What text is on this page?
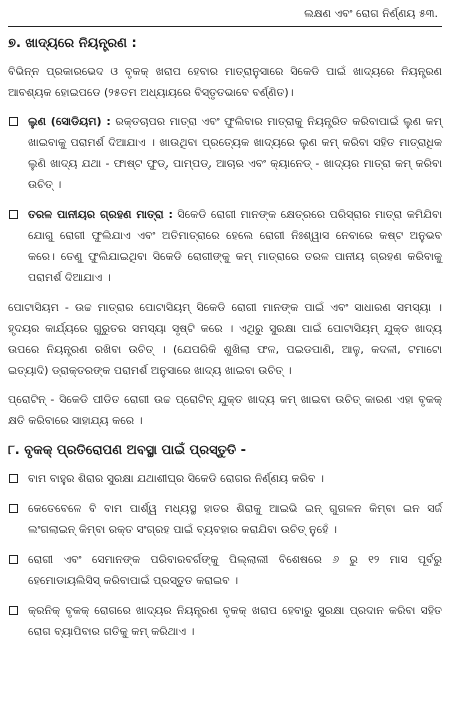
ଲକ୍ଷଣ ଏବଂ ରୋଗ ନିର୍ଣ୍ଣୟ ୫୩.
୭. ଖାଦ୍ୟରେ ନିୟନ୍ତ୍ରଣ :

ବିଭିନ୍ନ ପ୍ରକାରଭେଦ ଓ ବୃକକ୍ ଖରାପ ହେବାର ମାତ୍ରାନୁସାରେ ସିକେଡି ପାଇଁ ଖାଦ୍ୟରେ ନିୟନ୍ତ୍ରଣ ଆବଶ୍ୟକ ହୋଇପଡେ (୨୫ତମ ଅଧ୍ୟାୟରେ ବିସ୍ତୃତଭାବେ ବର୍ଣ୍ଣିତ)।

ଲୁଣ (ସୋଡିୟମ) : ରକ୍ତଚାପର ମାତ୍ରା ଏବଂ ଫୁଲିବାର ମାତ୍ରାକୁ ନିୟନ୍ତ୍ରିତ କରିବାପାଇଁ ଲୁଣ କମ୍ ଖାଇବାକୁ ପରାମର୍ଶ ଦିଆଯାଏ । ଖାଉଥିବା ପ୍ରତ୍ୟେକ ଖାଦ୍ୟରେ ଲୁଣ କମ୍ କରିବା ସହିତ ମାତ୍ରାଧିକ ଲୁଣି ଖାଦ୍ୟ ଯଥା - ଫାଷ୍ଟ ଫୁଡ୍, ପାମ୍ପଡ୍, ଆଚାର ଏବଂ କ୍ୟାନେଡ୍ - ଖାଦ୍ୟର ମାତ୍ରା କମ୍ କରିବା ଉଚିତ୍ ।
ତରଳ ପାନୀୟର ଗ୍ରହଣ ମାତ୍ରା : ସିକେଡି ରୋଗୀ ମାନଙ୍କ କ୍ଷେତ୍ରରେ ପରିସ୍ରାର ମାତ୍ରା କମିଯିବା ଯୋଗୁ ରୋଗୀ ଫୁଲିଯାଏ ଏବଂ ଅତିମାତ୍ରାରେ ହେଲେ ରୋଗୀ ନିଃଶ୍ୱାସ ନେବାରେ କଷ୍ଟ ଅନୁଭବ କରେ। ତେଣୁ ଫୁଲିଯାଇଥିବା ସିକେଡି ରୋଗୀଙ୍କୁ କମ୍ ମାତ୍ରାରେ ତରଳ ପାନୀୟ ଗ୍ରହଣ କରିବାକୁ ପରାମର୍ଶ ଦିଆଯାଏ ।

ପୋଟାସିୟମ - ଉଚ୍ଚ ମାତ୍ରାର ପୋଟାସିୟମ୍ ସିକେଡି ରୋଗୀ ମାନଙ୍କ ପାଇଁ ଏବଂ ସାଧାରଣ ସମସ୍ୟା । ହୃଦୟର କାର୍ଯ୍ୟରେ ଗୁରୁତର ସମସ୍ୟା ସୃଷ୍ଟି କରେ । ଏଥିରୁ ସୁରକ୍ଷା ପାଇଁ ପୋଟାସିୟମ୍ ଯୁକ୍ତ ଖାଦ୍ୟ ଉପରେ ନିୟନ୍ତ୍ରଣ ରଖିବା ଉଚିତ୍ । (ଯେପରିକି ଶୁଖିଲା ଫଳ, ପଇଡପାଣି, ଆଳୁ, କଦଳୀ, ଟମାଟୋ ଇତ୍ୟାଦି) ଡ୍ରାକ୍ତରଙ୍କ ପରାମର୍ଶ ଅନୁସାରେ ଖାଦ୍ୟ ଖାଇବା ଉଚିତ୍ ।

ପ୍ରୋଟିନ୍ - ସିକେଡି ପୀଡିତ ରୋଗୀ ଉଚ୍ଚ ପ୍ରୋଟିନ୍ ଯୁକ୍ତ ଖାଦ୍ୟ କମ୍ ଖାଇବା ଉଚିତ୍ କାରଣ ଏହା ବୃକକ୍ କ୍ଷତି କରିବାରେ ସାହାଯ୍ୟ କରେ ।

୮. ବୃକକ୍ ପ୍ରତିରୋପଣ ଅବସ୍ଥା ପାଇଁ ପ୍ରସ୍ତୁତି -
ବାମ ବାହୁର ଶିରାର ସୁରକ୍ଷା ଯଥାଶୀଘ୍ର ସିକେଡି ରୋଗର ନିର୍ଣ୍ଣୟ କରିବ ।
କେତେବେଳେ ବି ବାମ ପାର୍ଶ୍ୱ ମଧ୍ୟସ୍ଥ ହାତର ଶିରାକୁ ଆଇଭି ଇନ୍ ଗୁଗଳନ କିମ୍ବା ଇନ ସର୍ଜ ଲଂଗଲାଇନ୍ କିମ୍ବା ରକ୍ତ ସଂଗ୍ରହ ପାଇଁ ବ୍ୟବହାର କରାଯିବା ଉଚିତ୍ ନୁହେଁ ।
ରୋଗୀ ଏବଂ ସେମାନଙ୍କ ପରିବାରବର୍ଗଙ୍କୁ ପିଲ୍ଲାଲୀ ବିଶେଷରେ ୬ ରୁ ୧୨ ମାସ ପୂର୍ବରୁ ହେମୋଡାୟଲିସିସ୍ କରିବାପାଇଁ ପ୍ରସ୍ତୁତ କରାଇବ ।
କ୍ରନିକ୍ ବୃକକ୍ ରୋଗରେ ଖାଦ୍ୟର ନିୟନ୍ତ୍ରଣ ବୃକକ୍ ଖରାପ ହେବାରୁ ସୁରକ୍ଷା ପ୍ରଦାନ କରିବା ସହିତ ରୋଗ ବ୍ୟାପିବାର ଗତିକୁ କମ୍ କରିଥାଏ ।
